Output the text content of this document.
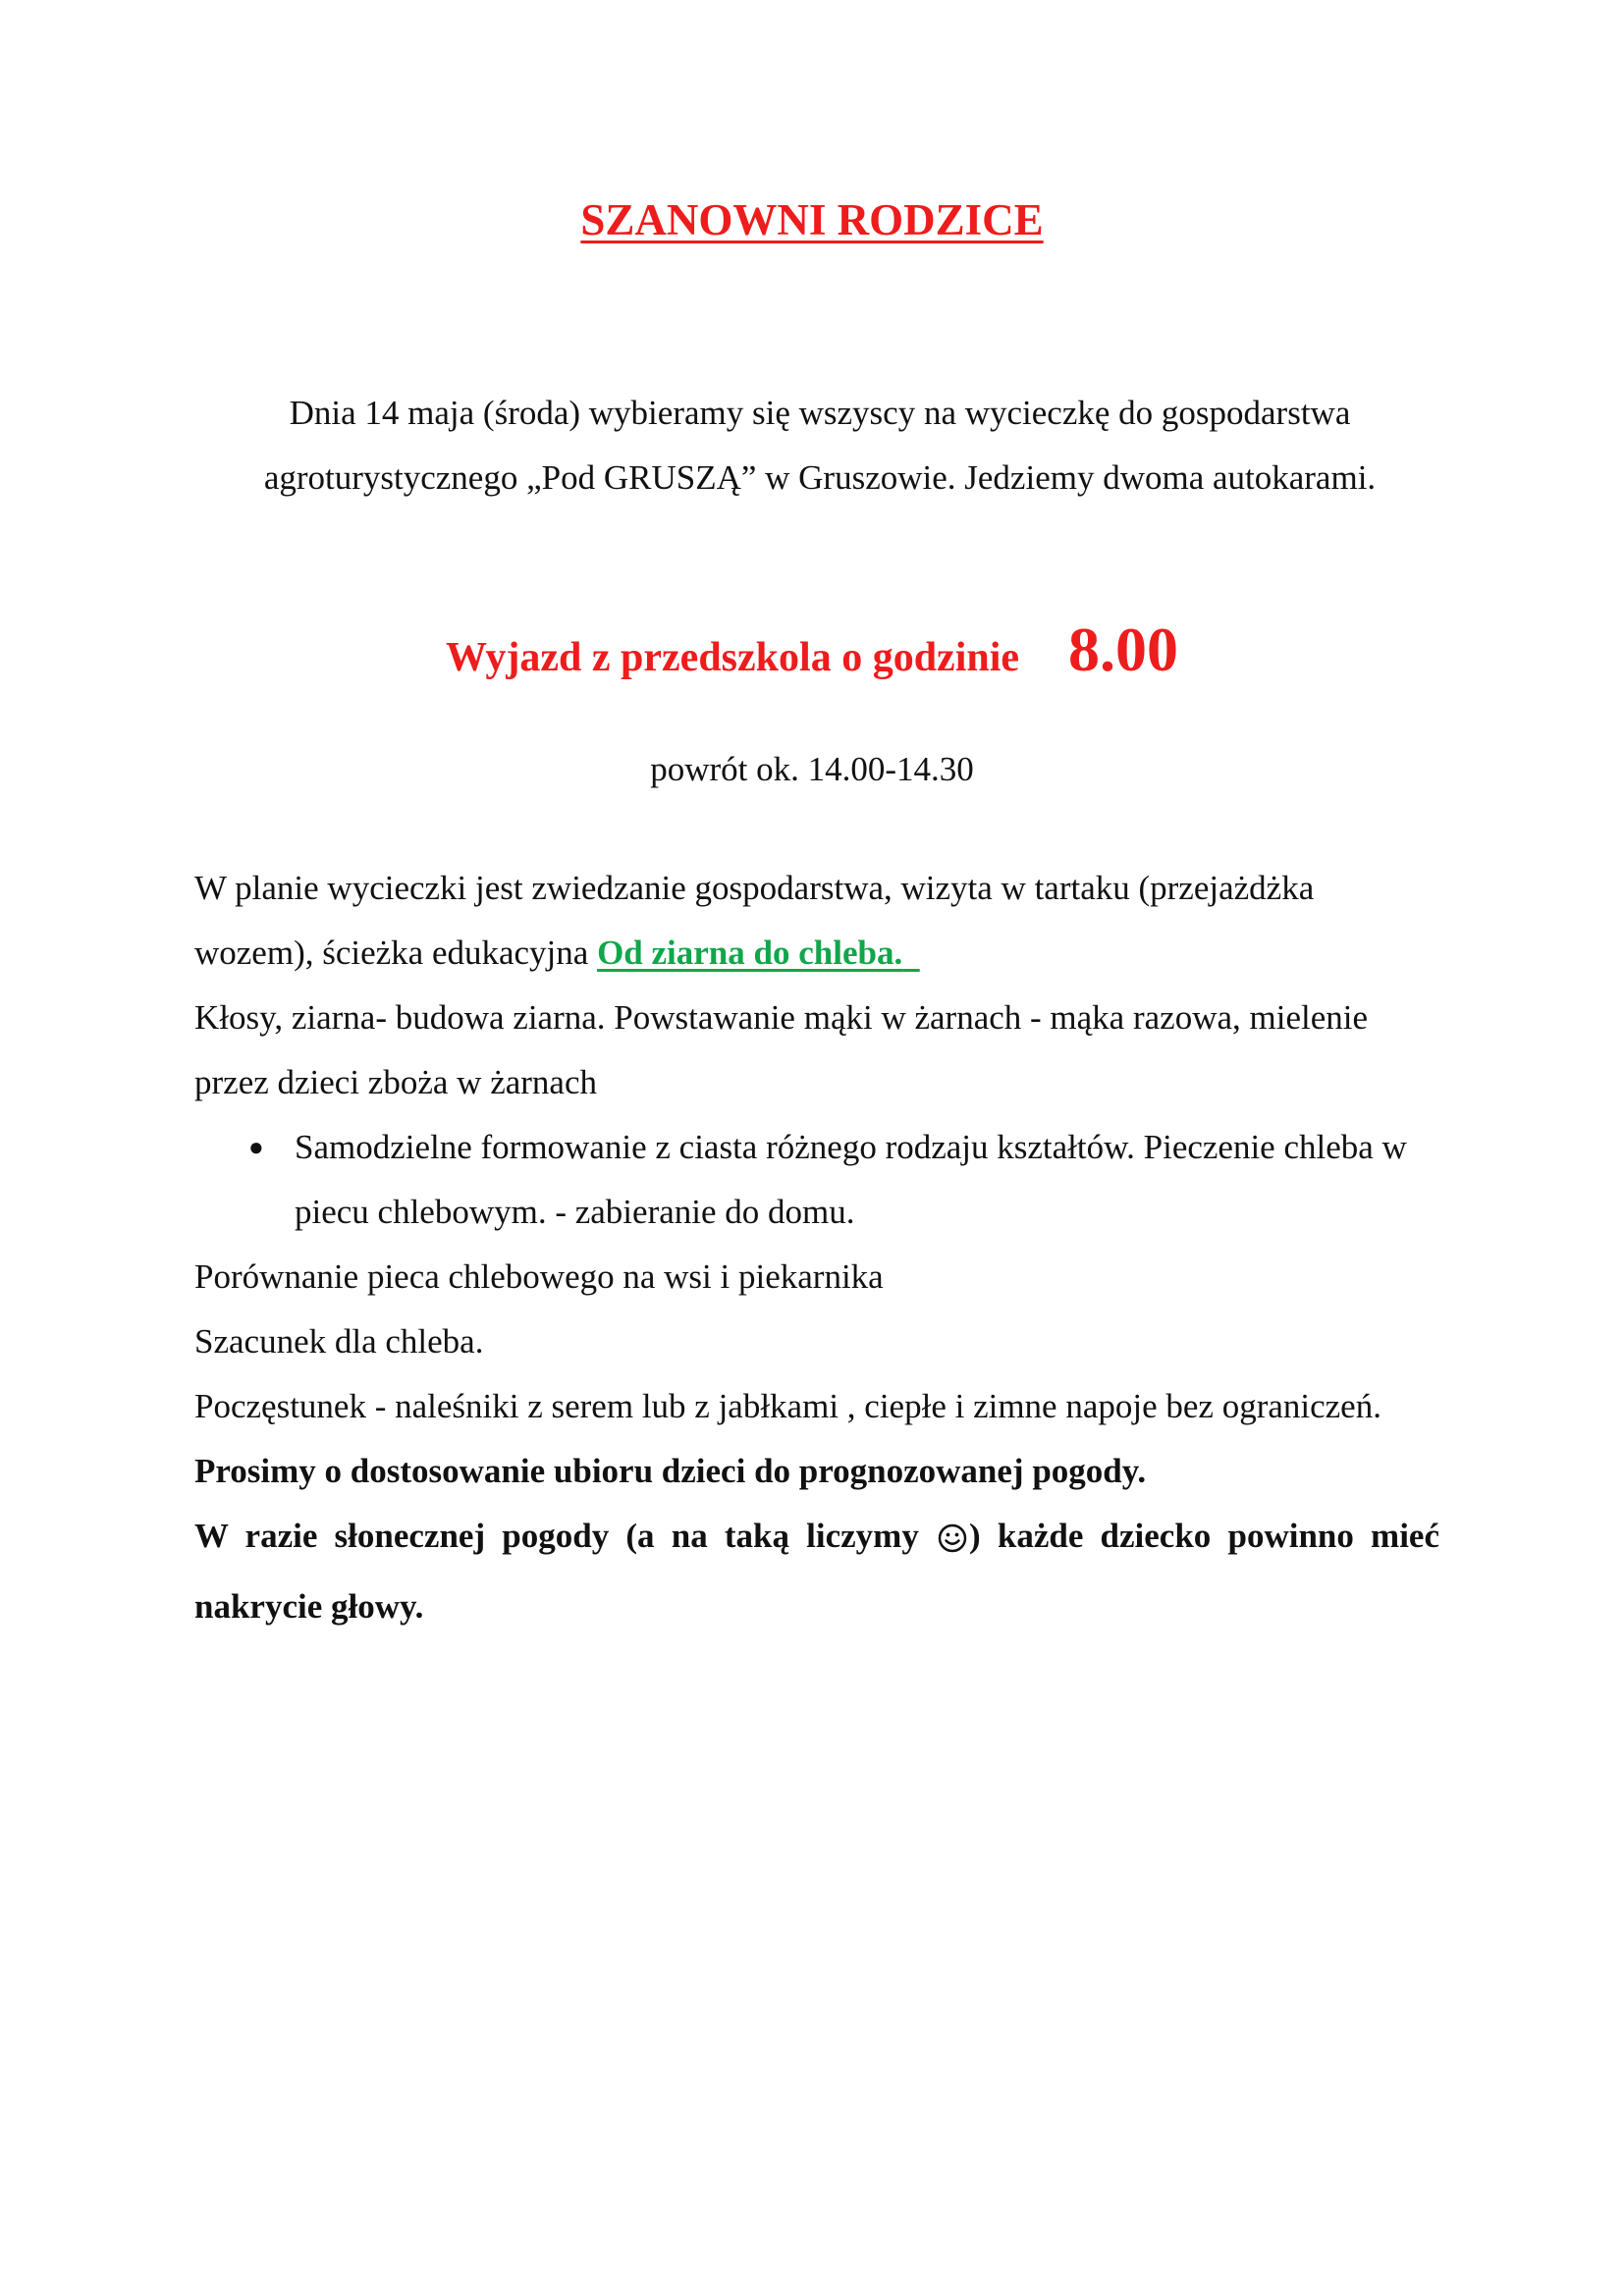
SZANOWNI RODZICE

Dnia 14 maja (środa) wybieramy się wszyscy na wycieczkę do gospodarstwa agroturystycznego „Pod GRUSZĄ” w Gruszowie. Jedziemy dwoma autokarami.

Wyjazd z przedszkola o godzinie 8.00

powrót ok. 14.00-14.30

W planie wycieczki jest zwiedzanie gospodarstwa, wizyta w tartaku (przejażdżka wozem), ścieżka edukacyjna Od ziarna do chleba.

Kłosy, ziarna- budowa ziarna. Powstawanie mąki w żarnach - mąka razowa, mielenie przez dzieci zboża w żarnach

● Samodzielne formowanie z ciasta różnego rodzaju kształtów. Pieczenie chleba w piecu chlebowym. - zabieranie do domu.

Porównanie pieca chlebowego na wsi i piekarnika

Szacunek dla chleba.

Poczęstunek - naleśniki z serem lub z jabłkami , ciepłe i zimne napoje bez ograniczeń.

Prosimy o dostosowanie ubioru dzieci do prognozowanej pogody.

W razie słonecznej pogody (a na taką liczymy ) każde dziecko powinno mieć nakrycie głowy.
